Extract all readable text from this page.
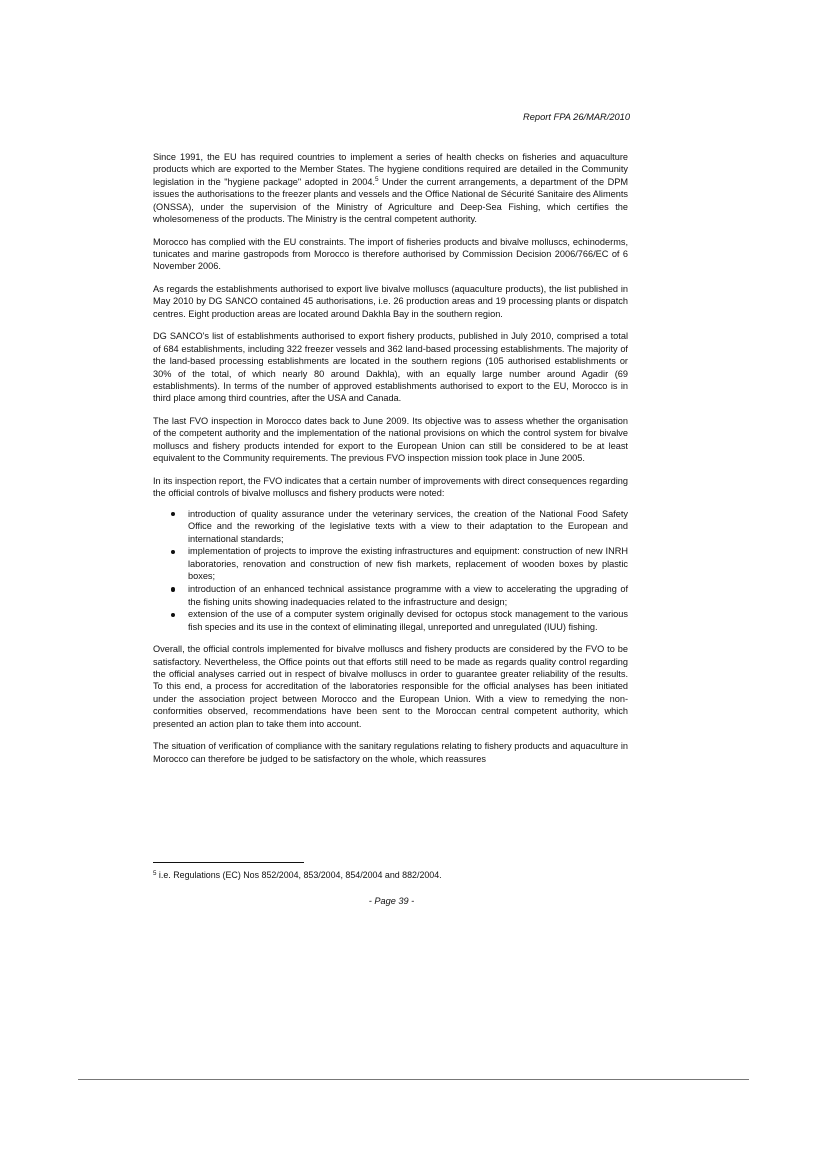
Report FPA 26/MAR/2010

Since 1991, the EU has required countries to implement a series of health checks on fisheries and aquaculture products which are exported to the Member States. The hygiene conditions required are detailed in the Community legislation in the "hygiene package" adopted in 2004.$^5$ Under the current arrangements, a department of the DPM issues the authorisations to the freezer plants and vessels and the Office National de Sécurité Sanitaire des Aliments (ONSSA), under the supervision of the Ministry of Agriculture and Deep-Sea Fishing, which certifies the wholesomeness of the products. The Ministry is the central competent authority.

Morocco has complied with the EU constraints. The import of fisheries products and bivalve molluscs, echinoderms, tunicates and marine gastropods from Morocco is therefore authorised by Commission Decision 2006/766/EC of 6 November 2006.

As regards the establishments authorised to export live bivalve molluscs (aquaculture products), the list published in May 2010 by DG SANCO contained 45 authorisations, i.e. 26 production areas and 19 processing plants or dispatch centres. Eight production areas are located around Dakhla Bay in the southern region.

DG SANCO's list of establishments authorised to export fishery products, published in July 2010, comprised a total of 684 establishments, including 322 freezer vessels and 362 land-based processing establishments. The majority of the land-based processing establishments are located in the southern regions (105 authorised establishments or 30% of the total, of which nearly 80 around Dakhla), with an equally large number around Agadir (69 establishments). In terms of the number of approved establishments authorised to export to the EU, Morocco is in third place among third countries, after the USA and Canada.

The last FVO inspection in Morocco dates back to June 2009. Its objective was to assess whether the organisation of the competent authority and the implementation of the national provisions on which the control system for bivalve molluscs and fishery products intended for export to the European Union can still be considered to be at least equivalent to the Community requirements. The previous FVO inspection mission took place in June 2005.

In its inspection report, the FVO indicates that a certain number of improvements with direct consequences regarding the official controls of bivalve molluscs and fishery products were noted:

introduction of quality assurance under the veterinary services, the creation of the National Food Safety Office and the reworking of the legislative texts with a view to their adaptation to the European and international standards;
implementation of projects to improve the existing infrastructures and equipment: construction of new INRH laboratories, renovation and construction of new fish markets, replacement of wooden boxes by plastic boxes;
introduction of an enhanced technical assistance programme with a view to accelerating the upgrading of the fishing units showing inadequacies related to the infrastructure and design;
extension of the use of a computer system originally devised for octopus stock management to the various fish species and its use in the context of eliminating illegal, unreported and unregulated (IUU) fishing.

Overall, the official controls implemented for bivalve molluscs and fishery products are considered by the FVO to be satisfactory. Nevertheless, the Office points out that efforts still need to be made as regards quality control regarding the official analyses carried out in respect of bivalve molluscs in order to guarantee greater reliability of the results. To this end, a process for accreditation of the laboratories responsible for the official analyses has been initiated under the association project between Morocco and the European Union. With a view to remedying the non-conformities observed, recommendations have been sent to the Moroccan central competent authority, which presented an action plan to take them into account.

The situation of verification of compliance with the sanitary regulations relating to fishery products and aquaculture in Morocco can therefore be judged to be satisfactory on the whole, which reassures

$^5$ i.e. Regulations (EC) Nos 852/2004, 853/2004, 854/2004 and 882/2004.
- Page 39 -
